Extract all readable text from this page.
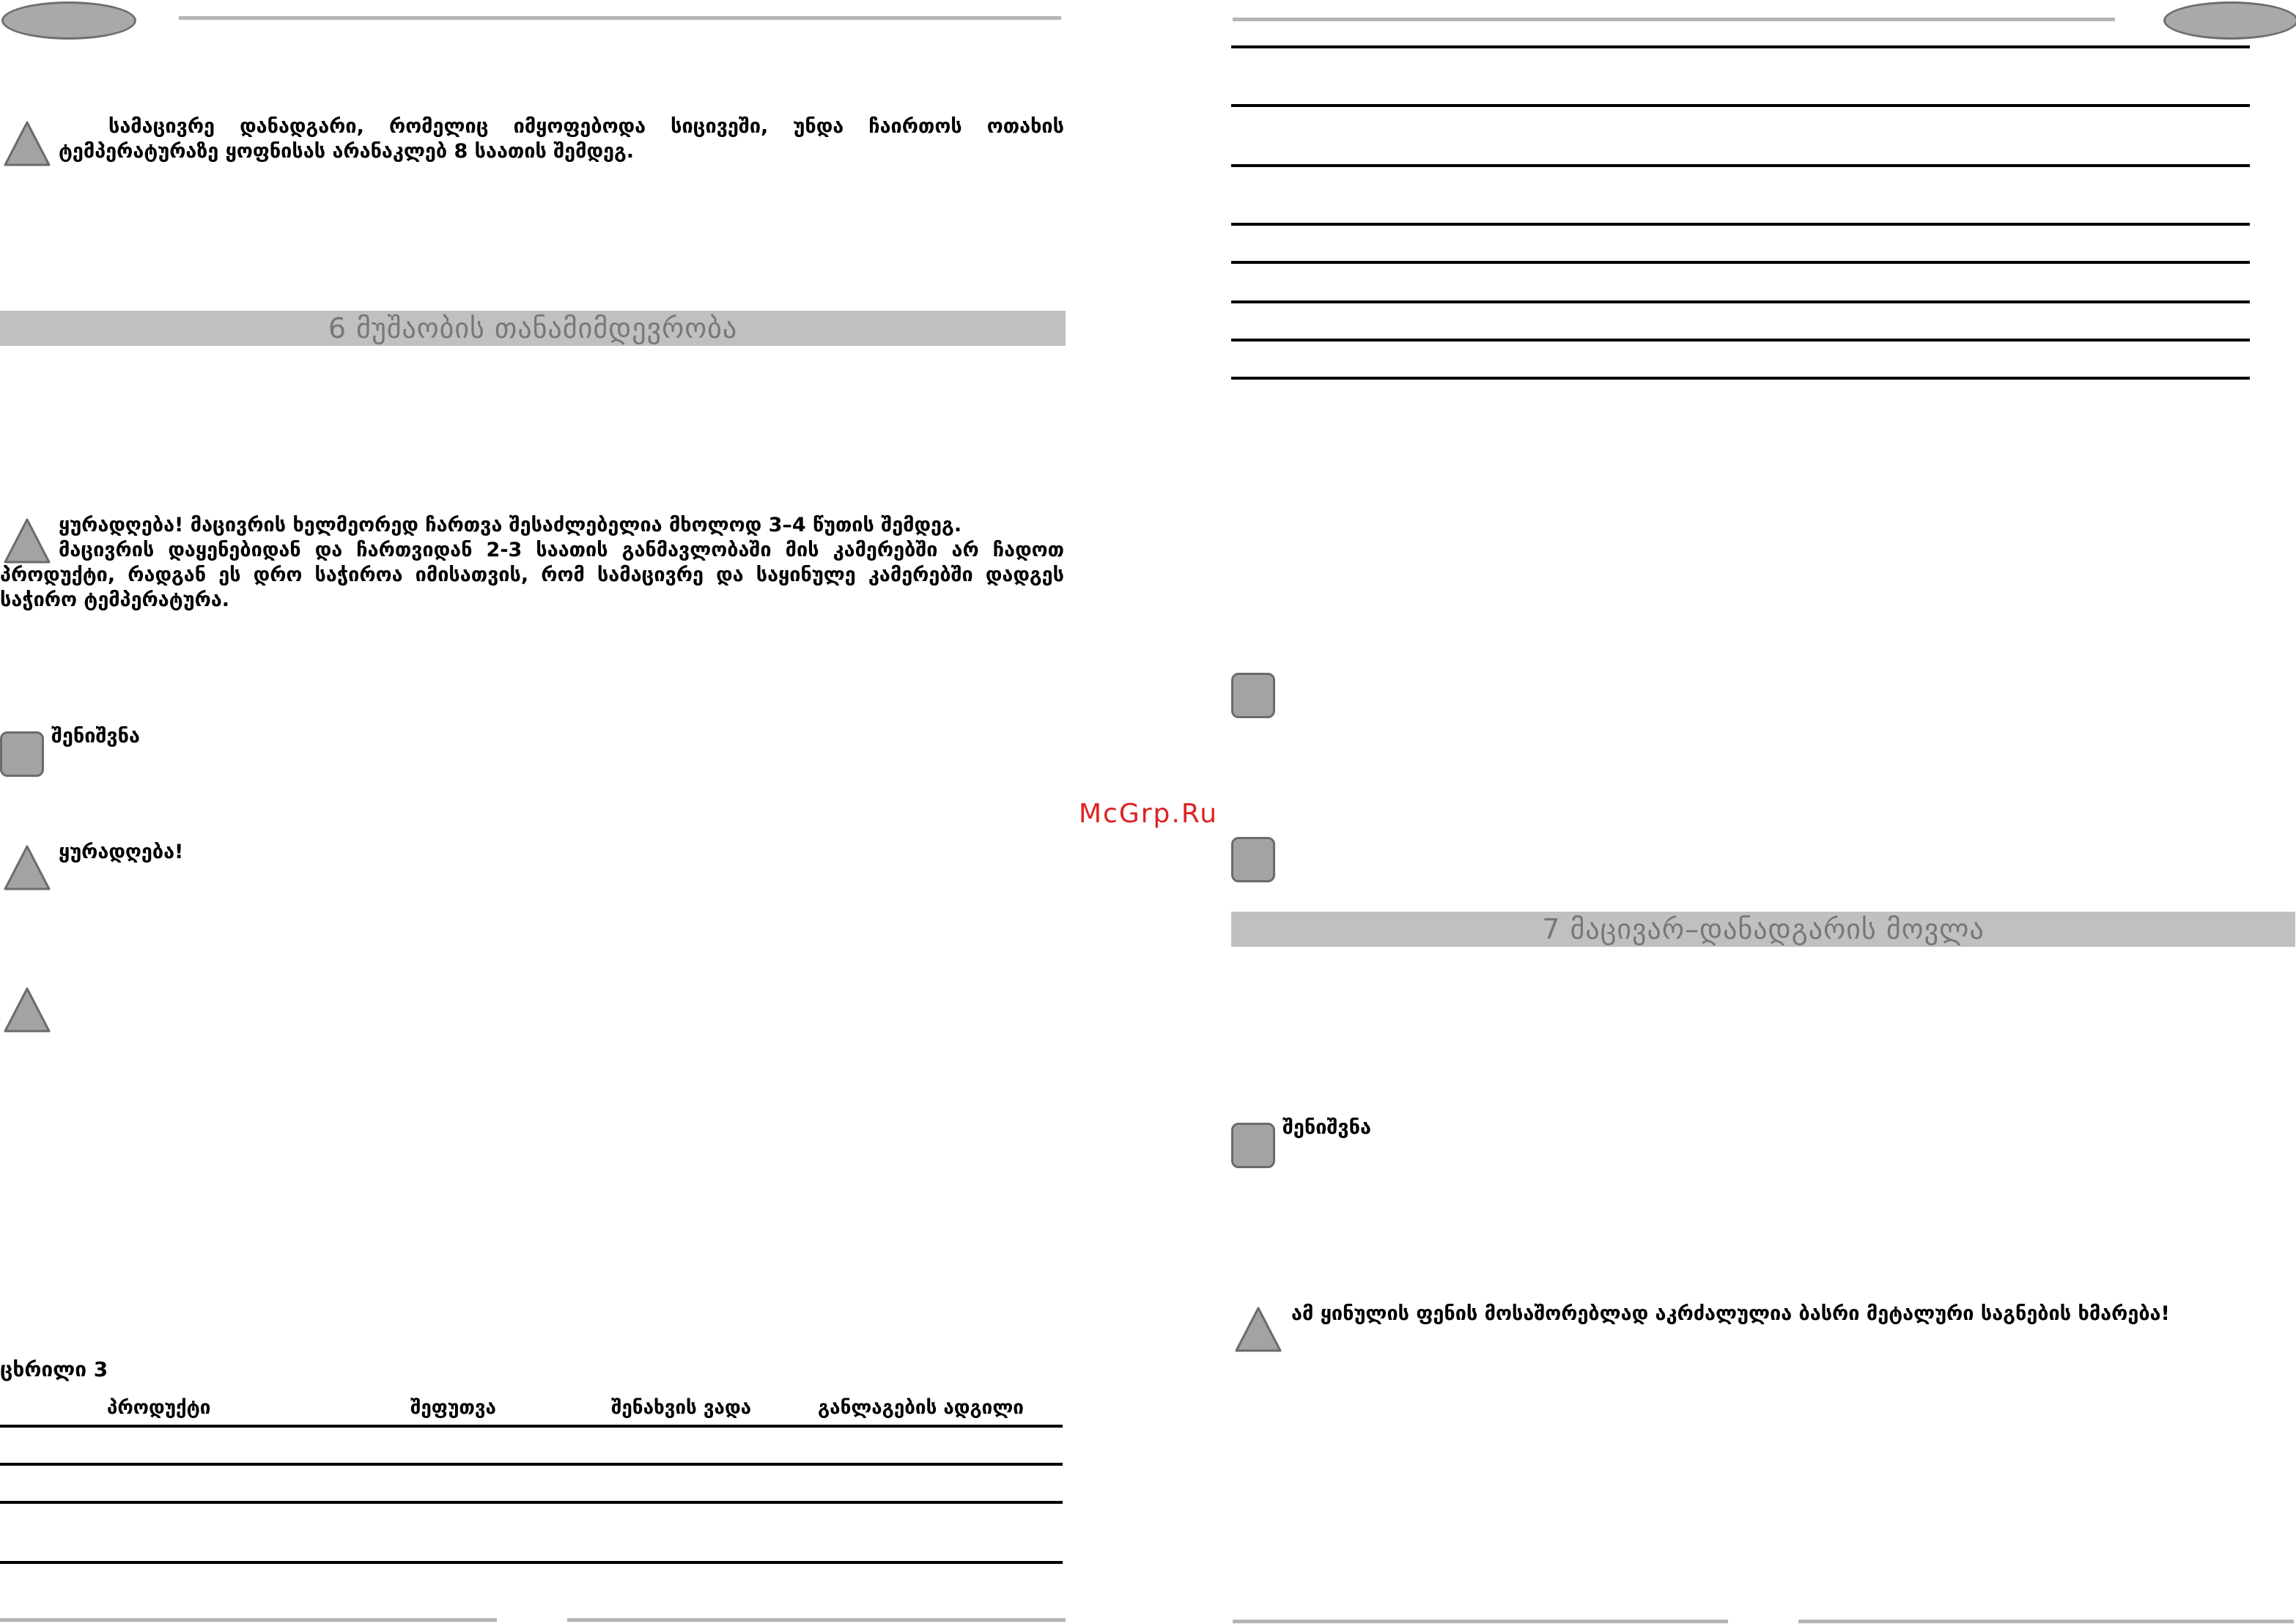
სამაცივრე დანადგარი, რომელიც იმყოფებოდა სიცივეში, უნდა ჩაირთოს ოთახის ტემპერატურაზე ყოფნისას არანაკლებ 8 საათის შემდეგ.
6 მუშაობის თანამიმდევრობა
ყურადღება! მაცივრის ხელმეორედ ჩართვა შესაძლებელია მხოლოდ 3–4 წუთის შემდეგ.
მაცივრის დაყენებიდან და ჩართვიდან 2-3 საათის განმავლობაში მის კამერებში არ ჩადოთ პროდუქტი, რადგან ეს დრო საჭიროა იმისათვის, რომ სამაცივრე და საყინულე კამერებში დადგეს საჭირო ტემპერატურა.
შენიშვნა
ყურადღება!
ცხრილი 3
პროდუქტი	შეფუთვა	შენახვის ვადა	განლაგების ადგილი
McGrp.Ru
7 მაცივარ–დანადგარის მოვლა
შენიშვნა
ამ ყინულის ფენის მოსაშორებლად აკრძალულია ბასრი მეტალური საგნების ხმარება!
